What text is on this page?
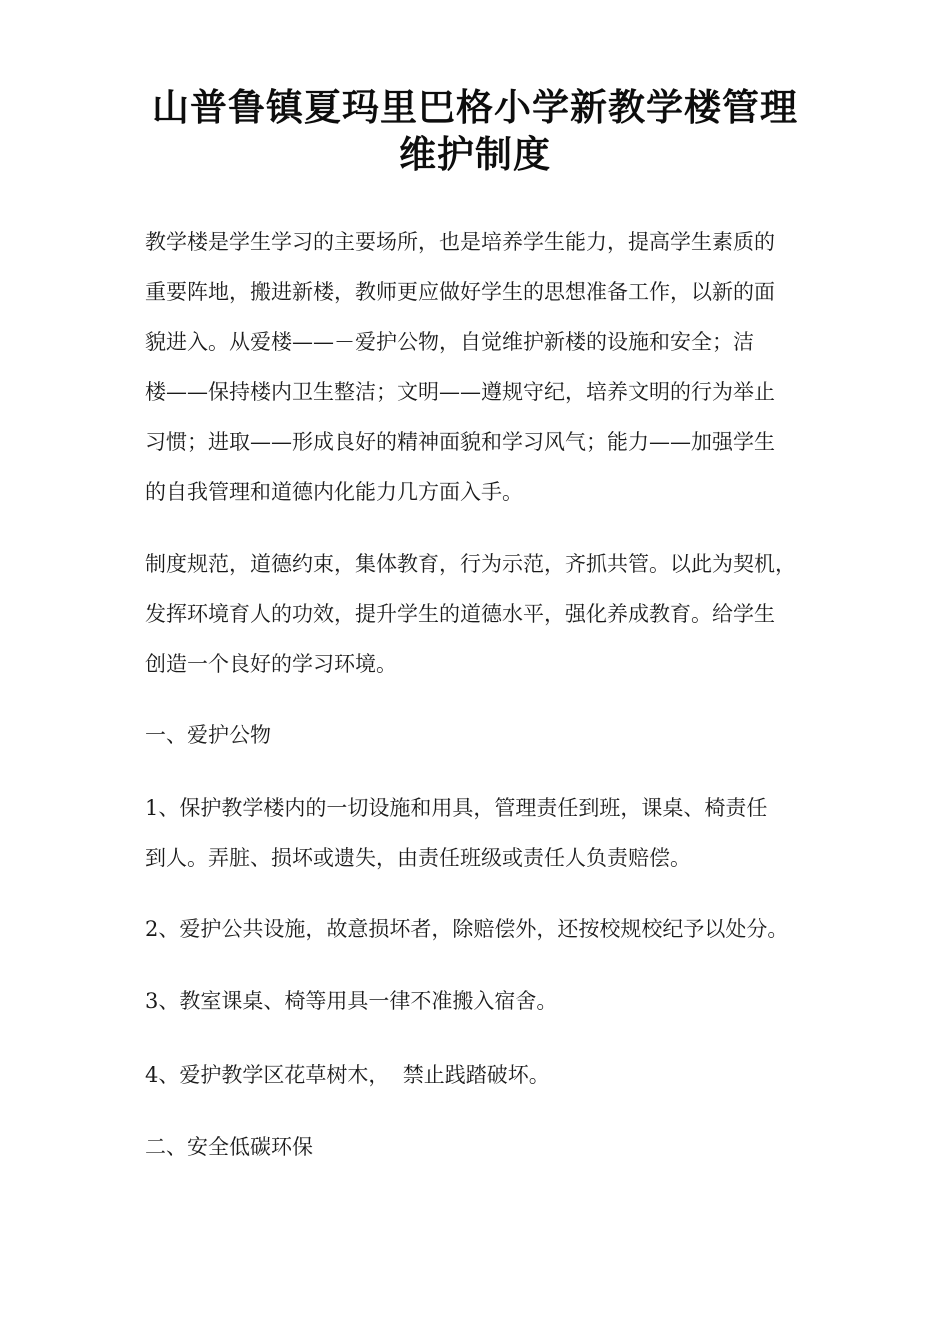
山普鲁镇夏玛里巴格小学新教学楼管理
维护制度
教学楼是学生学习的主要场所，也是培养学生能力，提高学生素质的
重要阵地，搬进新楼，教师更应做好学生的思想准备工作，以新的面
貌进入。从爱楼——－爱护公物，自觉维护新楼的设施和安全；洁
楼——保持楼内卫生整洁；文明——遵规守纪，培养文明的行为举止
习惯；进取——形成良好的精神面貌和学习风气；能力——加强学生
的自我管理和道德内化能力几方面入手。
制度规范，道德约束，集体教育，行为示范，齐抓共管。以此为契机，
发挥环境育人的功效，提升学生的道德水平，强化养成教育。给学生
创造一个良好的学习环境。
一、爱护公物
1、保护教学楼内的一切设施和用具，管理责任到班，课桌、椅责任
到人。弄脏、损坏或遗失，由责任班级或责任人负责赔偿。
2、爱护公共设施，故意损坏者，除赔偿外，还按校规校纪予以处分。
3、教室课桌、椅等用具一律不准搬入宿舍。
4、爱护教学区花草树木，  禁止践踏破坏。
二、安全低碳环保
